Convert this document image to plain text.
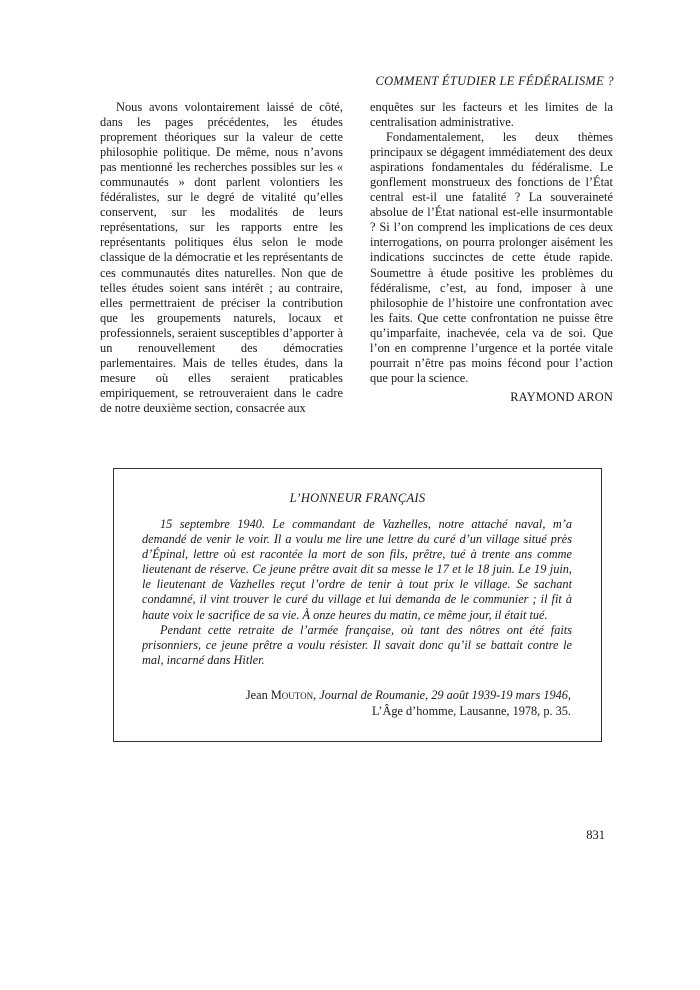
COMMENT ÉTUDIER LE FÉDÉRALISME ?

Nous avons volontairement laissé de côté, dans les pages précédentes, les études proprement théoriques sur la valeur de cette philosophie politique. De même, nous n’avons pas mentionné les recherches possibles sur les « communautés » dont parlent volontiers les fédéralistes, sur le degré de vitalité qu’elles conservent, sur les modalités de leurs représentations, sur les rapports entre les représentants politiques élus selon le mode classique de la démocratie et les représentants de ces communautés dites naturelles. Non que de telles études soient sans intérêt ; au contraire, elles permettraient de préciser la contribution que les groupements naturels, locaux et professionnels, seraient susceptibles d’apporter à un renouvellement des démocraties parlementaires. Mais de telles études, dans la mesure où elles seraient praticables empiriquement, se retrouveraient dans le cadre de notre deuxième section, consacrée aux

enquêtes sur les facteurs et les limites de la centralisation administrative.

Fondamentalement, les deux thèmes principaux se dégagent immédiatement des deux aspirations fondamentales du fédéralisme. Le gonflement monstrueux des fonctions de l’État central est-il une fatalité ? La souveraineté absolue de l’État national est-elle insurmontable ? Si l’on comprend les implications de ces deux interrogations, on pourra prolonger aisément les indications succinctes de cette étude rapide. Soumettre à étude positive les problèmes du fédéralisme, c’est, au fond, imposer à une philosophie de l’histoire une confrontation avec les faits. Que cette confrontation ne puisse être qu’imparfaite, inachevée, cela va de soi. Que l’on en comprenne l’urgence et la portée vitale pourrait n’être pas moins fécond pour l’action que pour la science.

RAYMOND ARON
L’HONNEUR FRANÇAIS

15 septembre 1940. Le commandant de Vazhelles, notre attaché naval, m’a demandé de venir le voir. Il a voulu me lire une lettre du curé d’un village situé près d’Épinal, lettre où est racontée la mort de son fils, prêtre, tué à trente ans comme lieutenant de réserve. Ce jeune prêtre avait dit sa messe le 17 et le 18 juin. Le 19 juin, le lieutenant de Vazhelles reçut l’ordre de tenir à tout prix le village. Se sachant condamné, il vint trouver le curé du village et lui demanda de le communier ; il fit à haute voix le sacrifice de sa vie. À onze heures du matin, ce même jour, il était tué.

Pendant cette retraite de l’armée française, où tant des nôtres ont été faits prisonniers, ce jeune prêtre a voulu résister. Il savait donc qu’il se battait contre le mal, incarné dans Hitler.

Jean Mouton, Journal de Roumanie, 29 août 1939-19 mars 1946,
L’Âge d’homme, Lausanne, 1978, p. 35.
831
